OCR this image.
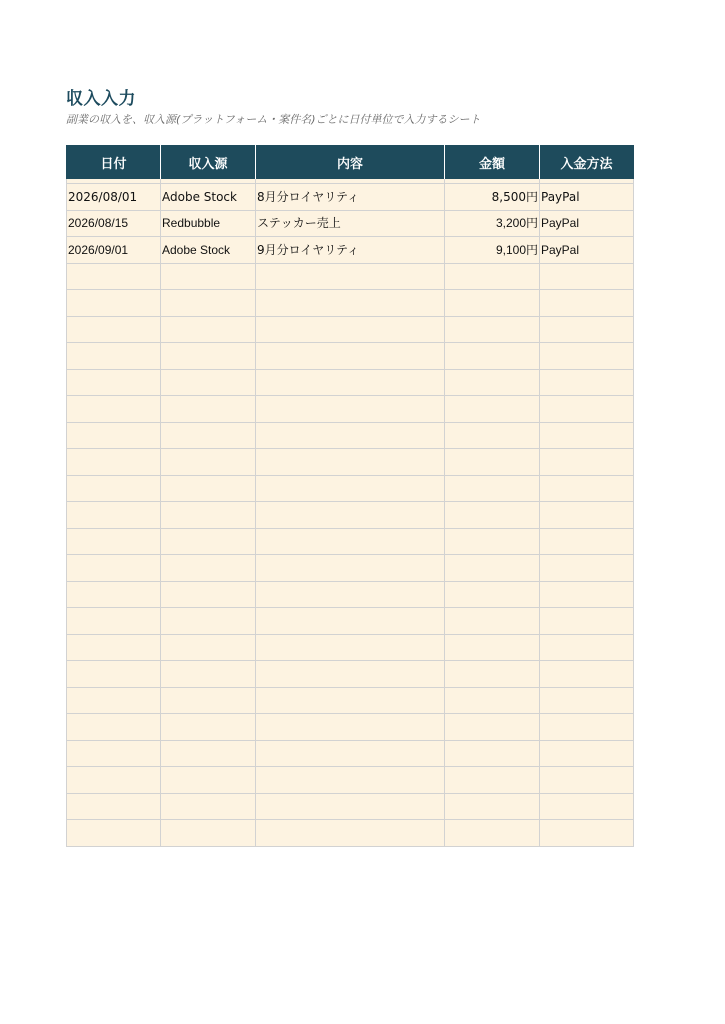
収入入力

副業の収入を、収入源(プラットフォーム・案件名)ごとに日付単位で入力するシート

日付	収入源	内容	金額	入金方法

2026/08/01	Adobe Stock	8月分ロイヤリティ	8,500円	PayPal
2026/08/15	Redbubble	ステッカー売上	3,200円	PayPal
2026/09/01	Adobe Stock	9月分ロイヤリティ	9,100円	PayPal
